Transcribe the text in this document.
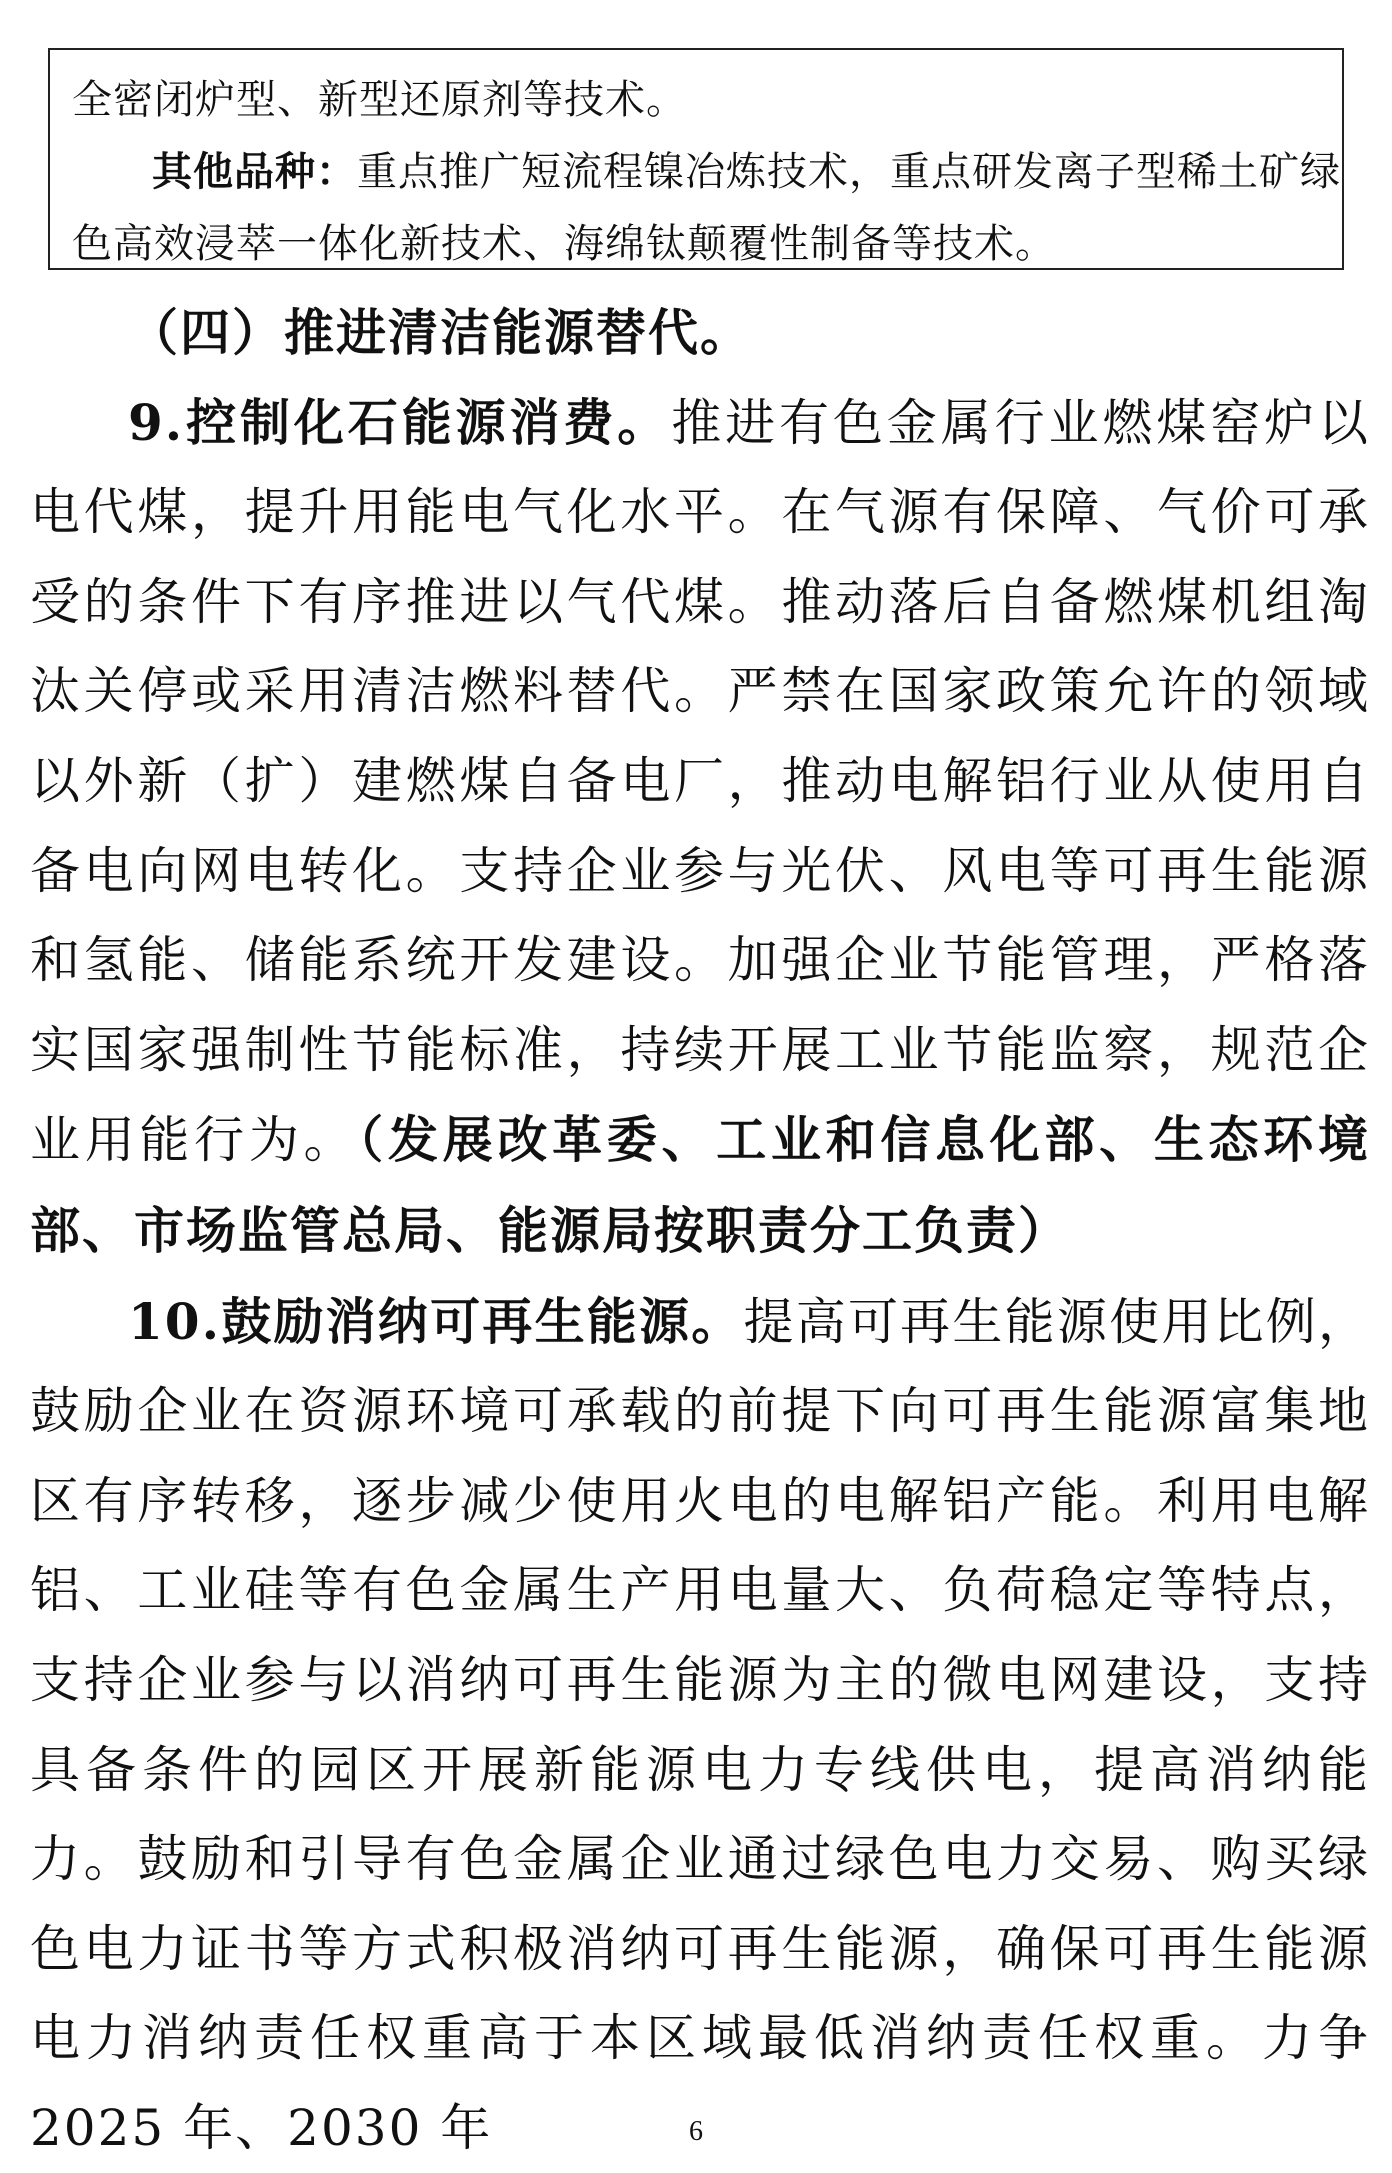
全密闭炉型、新型还原剂等技术。
其他品种：重点推广短流程镍冶炼技术，重点研发离子型稀土矿绿
色高效浸萃一体化新技术、海绵钛颠覆性制备等技术。
（四）推进清洁能源替代。

9.控制化石能源消费。推进有色金属行业燃煤窑炉以电代煤，提升用能电气化水平。在气源有保障、气价可承受的条件下有序推进以气代煤。推动落后自备燃煤机组淘汰关停或采用清洁燃料替代。严禁在国家政策允许的领域以外新（扩）建燃煤自备电厂，推动电解铝行业从使用自备电向网电转化。支持企业参与光伏、风电等可再生能源和氢能、储能系统开发建设。加强企业节能管理，严格落实国家强制性节能标准，持续开展工业节能监察，规范企业用能行为。（发展改革委、工业和信息化部、生态环境部、市场监管总局、能源局按职责分工负责）

10.鼓励消纳可再生能源。提高可再生能源使用比例，鼓励企业在资源环境可承载的前提下向可再生能源富集地区有序转移，逐步减少使用火电的电解铝产能。利用电解铝、工业硅等有色金属生产用电量大、负荷稳定等特点，支持企业参与以消纳可再生能源为主的微电网建设，支持具备条件的园区开展新能源电力专线供电，提高消纳能力。鼓励和引导有色金属企业通过绿色电力交易、购买绿色电力证书等方式积极消纳可再生能源，确保可再生能源电力消纳责任权重高于本区域最低消纳责任权重。力争 2025 年、2030 年	6
